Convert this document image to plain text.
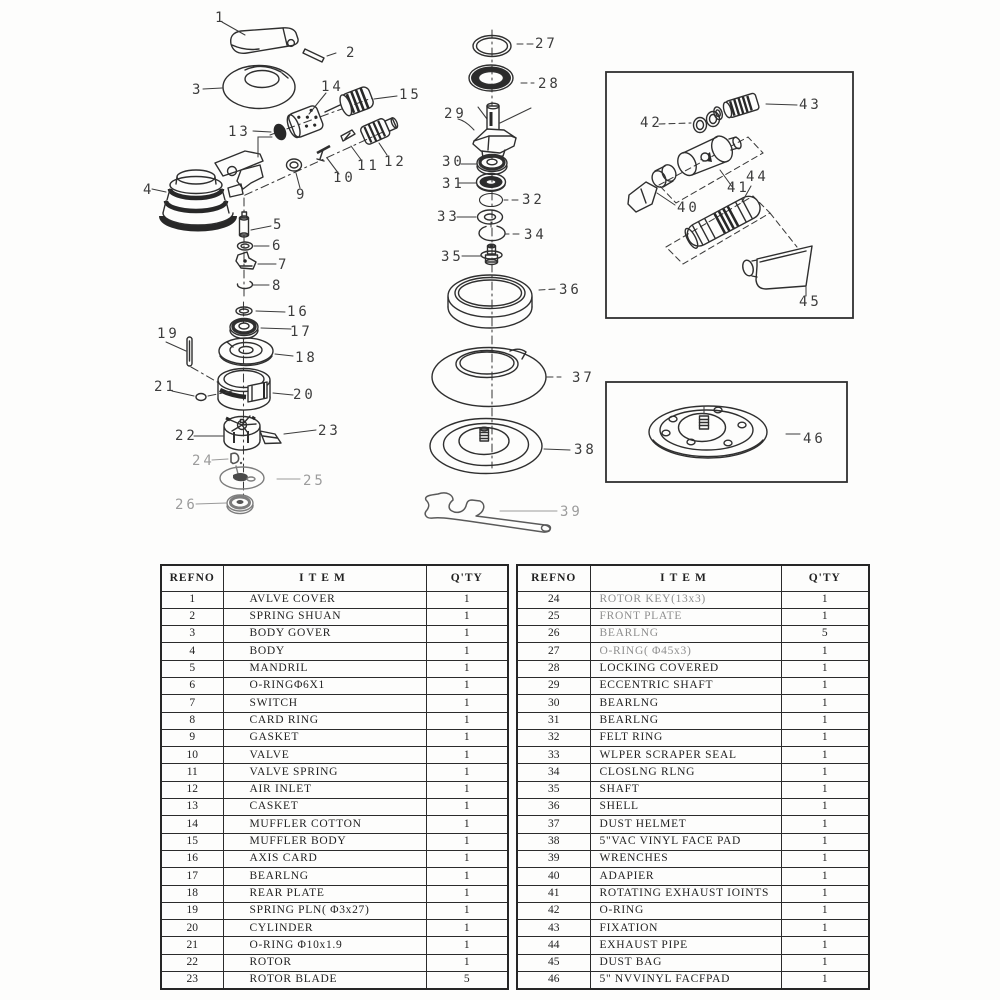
1
2
3	14	15
13
12
11
10
9
4
5
6
7
8
16
17
18
19
20
21
22	23
24
25
26
27
28
29
30
31
32
33
34
35
36
37
38
39
43
42
41
40
44
45
46
REFNO	ITEM	Q'TY
1	AVLVE COVER	1
2	SPRING SHUAN	1
3	BODY GOVER	1
4	BODY	1
5	MANDRIL	1
6	O-RINGΦ6X1	1
7	SWITCH	1
8	CARD RING	1
9	GASKET	1
10	VALVE	1
11	VALVE SPRING	1
12	AIR INLET	1
13	CASKET	1
14	MUFFLER COTTON	1
15	MUFFLER BODY	1
16	AXIS CARD	1
17	BEARLNG	1
18	REAR PLATE	1
19	SPRING PLN( Φ3x27)	1
20	CYLINDER	1
21	O-RING Φ10x1.9	1
22	ROTOR	1
23	ROTOR BLADE	5
REFNO	ITEM	Q'TY
24	ROTOR KEY(13x3)	1
25	FRONT PLATE	1
26	BEARLNG	5
27	O-RING( Φ45x3)	1
28	LOCKING COVERED	1
29	ECCENTRIC SHAFT	1
30	BEARLNG	1
31	BEARLNG	1
32	FELT RING	1
33	WLPER SCRAPER SEAL	1
34	CLOSLNG RLNG	1
35	SHAFT	1
36	SHELL	1
37	DUST HELMET	1
38	5"VAC VINYL FACE PAD	1
39	WRENCHES	1
40	ADAPIER	1
41	ROTATING EXHAUST IOINTS	1
42	O-RING	1
43	FIXATION	1
44	EXHAUST PIPE	1
45	DUST BAG	1
46	5" NVVINYL FACFPAD	1
